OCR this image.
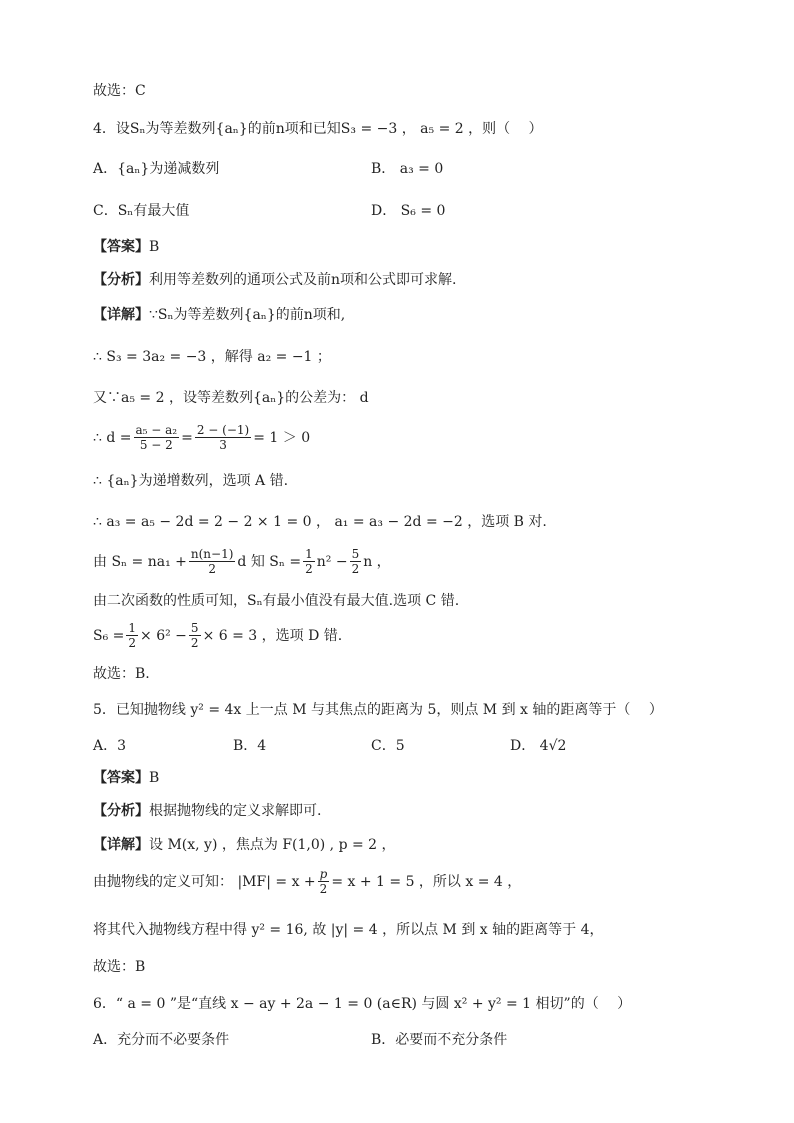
故选：C
4．设Sₙ为等差数列{aₙ}的前n项和已知S₃ = −3 ， a₅ = 2 ，则（　 ）
A．{aₙ}为递减数列	B． a₃ = 0
C．Sₙ有最大值	D． S₆ = 0
【答案】B
【分析】利用等差数列的通项公式及前n项和公式即可求解.
【详解】∵Sₙ为等差数列{aₙ}的前n项和,
∴ S₃ = 3a₂ = −3 ，解得 a₂ = −1 ；
又∵a₅ = 2 ，设等差数列{aₙ}的公差为： d
∴ $d = \frac{\text{a₅ − a₂}}{5 - 2} = \frac{2 - (-1)}{3} = 1 > 0$
∴ {aₙ}为递增数列，选项 A 错.
∴ a₃ = a₅ − 2d = 2 − 2 × 1 = 0 ， a₁ = a₃ − 2d = −2 ，选项 B 对.
由 $S_n = na_1 + \frac{n(n-1)}{2}$ d 知 $S_n = \frac{1}{2} n^2 - \frac{5}{2}$ n ，
由二次函数的性质可知，Sₙ有最小值没有最大值.选项 C 错.
$S_6 = \frac{1}{2} \times 6^2 - \frac{5}{2} \times 6 = 3$ ，选项 D 错.
故选：B.
5．已知抛物线 y² = 4x 上一点 M 与其焦点的距离为 5，则点 M 到 x 轴的距离等于（　 ）
A．3	B．4	C．5	D． 4√2
【答案】B
【分析】根据抛物线的定义求解即可.
【详解】设 M(x, y) ，焦点为 F(1,0) , p = 2 ，
由抛物线的定义可知： $|MF| = x + \frac{p}{2} = x + 1 = 5$ ，所以 x = 4 ，
将其代入抛物线方程中得 y² = 16, 故 |y| = 4 ，所以点 M 到 x 轴的距离等于 4，
故选：B
6．“ a = 0 ”是“直线 x − ay + 2a − 1 = 0 (a∈R) 与圆 x² + y² = 1 相切”的（　 ）
A．充分而不必要条件	B．必要而不充分条件
